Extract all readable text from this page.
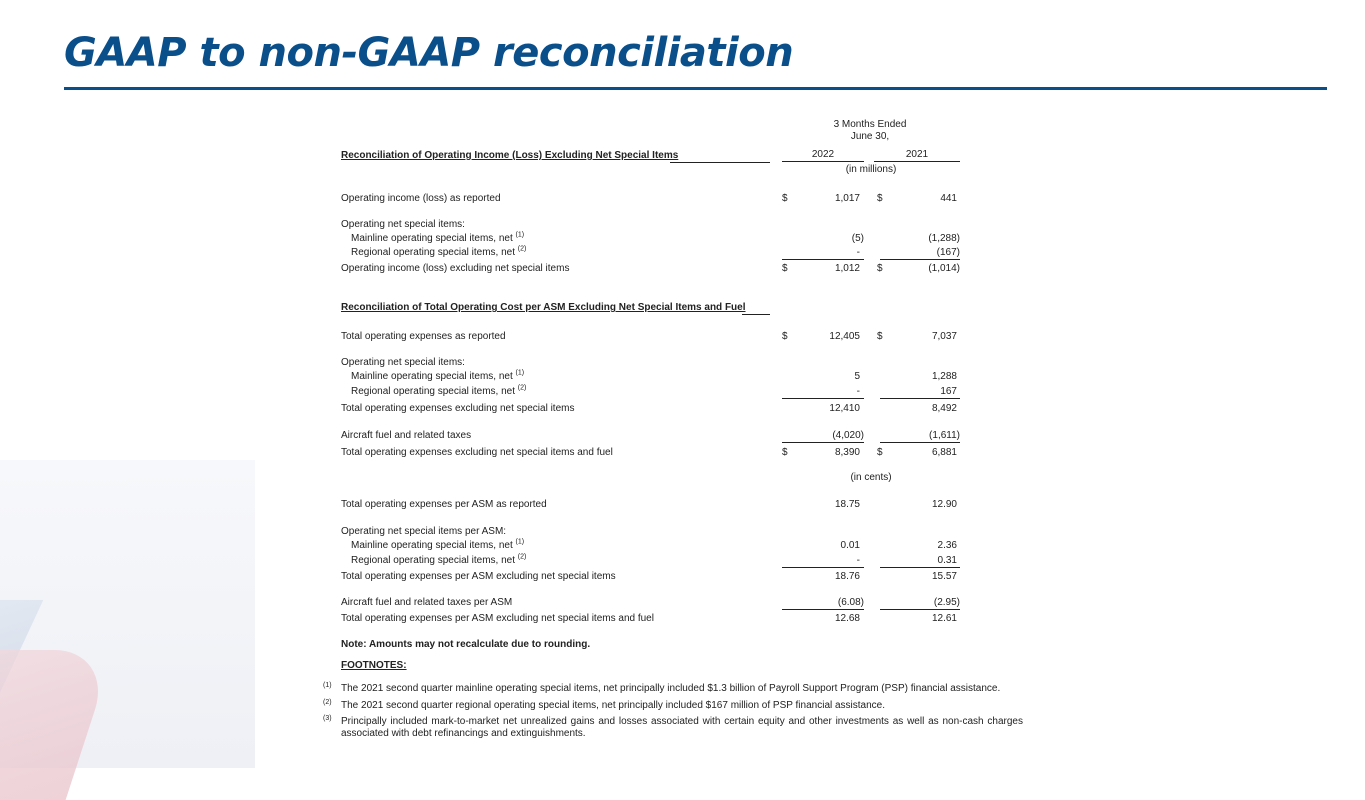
GAAP to non-GAAP reconciliation
3 Months Ended
June 30,
Reconciliation of Operating Income (Loss) Excluding Net Special Items	2022	2021
(in millions)
Operating income (loss) as reported	$	1,017 $	441
Operating net special items:
Mainline operating special items, net $^{(1)}$	(5)	(1,288)
Regional operating special items, net $^{(2)}$	-	(167)
Operating income (loss) excluding net special items	$	1,012 $	(1,014)
Reconciliation of Total Operating Cost per ASM Excluding Net Special Items and Fuel
Total operating expenses as reported	$	12,405 $	7,037
Operating net special items:
Mainline operating special items, net $^{(1)}$	5	1,288
Regional operating special items, net $^{(2)}$	-	167
Total operating expenses excluding net special items	12,410	8,492
Aircraft fuel and related taxes	(4,020)	(1,611)
Total operating expenses excluding net special items and fuel	$	8,390 $	6,881
(in cents)
Total operating expenses per ASM as reported	18.75	12.90
Operating net special items per ASM:
Mainline operating special items, net $^{(1)}$	0.01	2.36
Regional operating special items, net $^{(2)}$	-	0.31
Total operating expenses per ASM excluding net special items	18.76	15.57
Aircraft fuel and related taxes per ASM	(6.08)	(2.95)
Total operating expenses per ASM excluding net special items and fuel	12.68	12.61
Note: Amounts may not recalculate due to rounding.
FOOTNOTES:
(1) The 2021 second quarter mainline operating special items, net principally included $1.3 billion of Payroll Support Program (PSP) financial assistance.
(2) The 2021 second quarter regional operating special items, net principally included $167 million of PSP financial assistance.
(3) Principally included mark-to-market net unrealized gains and losses associated with certain equity and other investments as well as non-cash charges associated with debt refinancings and extinguishments.
